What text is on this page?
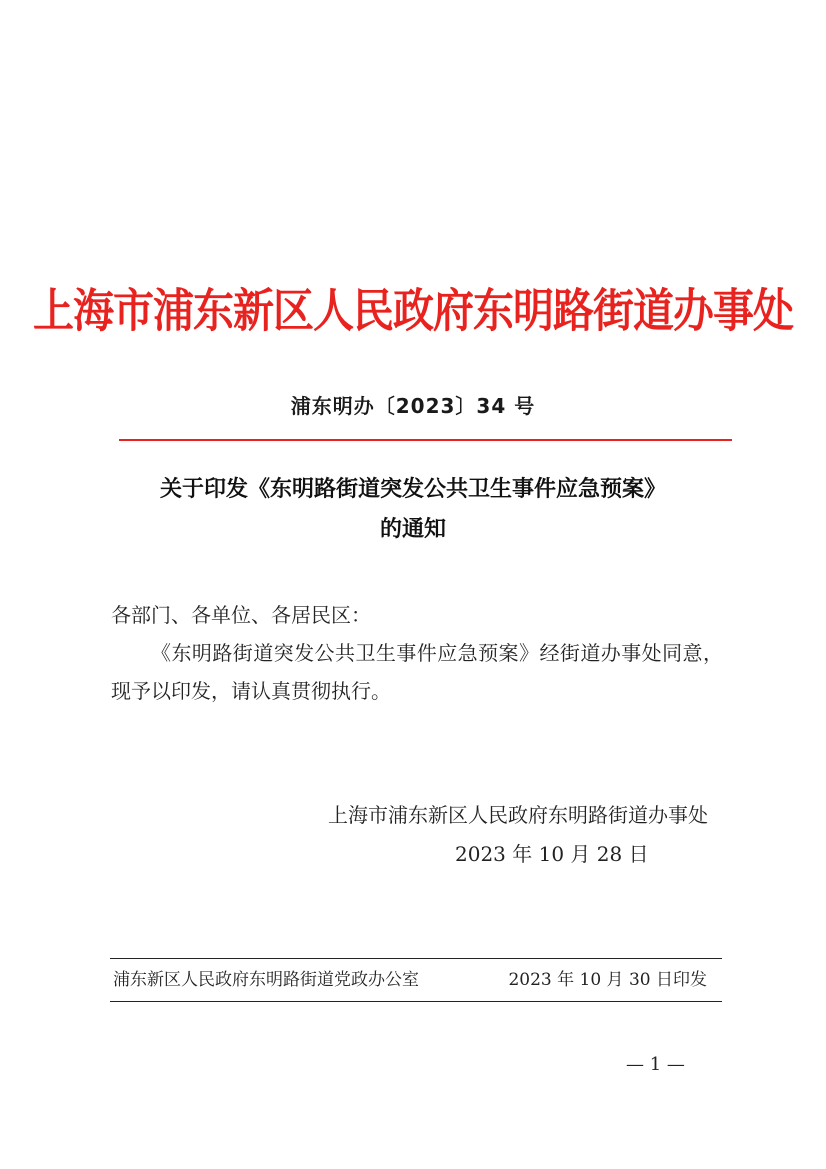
上海市浦东新区人民政府东明路街道办事处
浦东明办〔2023〕34 号
关于印发《东明路街道突发公共卫生事件应急预案》
的通知
各部门、各单位、各居民区：
《东明路街道突发公共卫生事件应急预案》经街道办事处同意，现予以印发，请认真贯彻执行。
上海市浦东新区人民政府东明路街道办事处
2023 年 10 月 28 日
浦东新区人民政府东明路街道党政办公室	2023 年 10 月 30 日印发
— 1 —
